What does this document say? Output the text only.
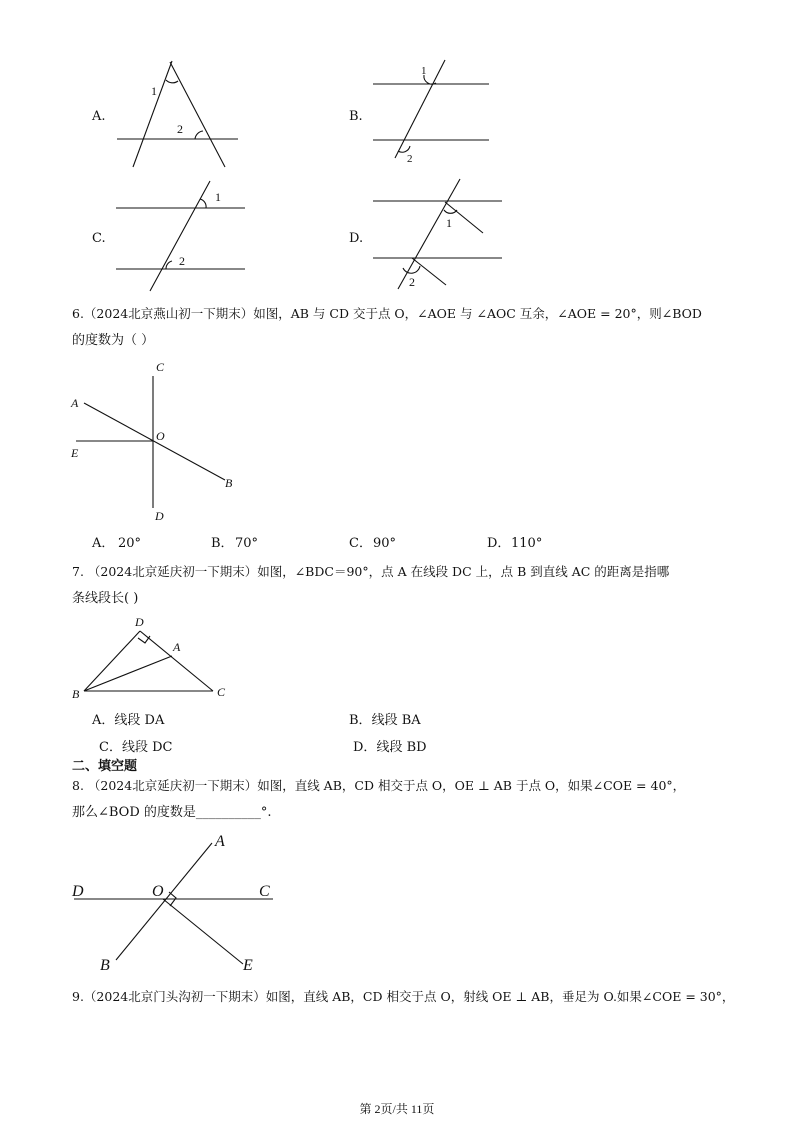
A.	B.
C.	D.
1
2
1
2
1
2
1
2
C
A
O
E
B
D
D
A
B	C
A
D	O	C
B	E
6.（2024北京燕山初一下期末）如图，AB 与 CD 交于点 O，∠AOE 与 ∠AOC 互余，∠AOE = 20°，则∠BOD
的度数为（ ）
A． 20°	B． 70°	C． 90°	D． 110°
7. （2024北京延庆初一下期末）如图，∠BDC＝90°，点 A 在线段 DC 上，点 B 到直线 AC 的距离是指哪
条线段长( )
A．线段 DA	B．线段 BA
C．线段 DC	D．线段 BD
二、填空题
8. （2024北京延庆初一下期末）如图，直线 AB，CD 相交于点 O，OE ⊥ AB 于点 O，如果∠COE = 40°，
那么∠BOD 的度数是__________°.
9.（2024北京门头沟初一下期末）如图，直线 AB，CD 相交于点 O，射线 OE ⊥ AB，垂足为 O.如果∠COE = 30°，
第 2页/共 11页
